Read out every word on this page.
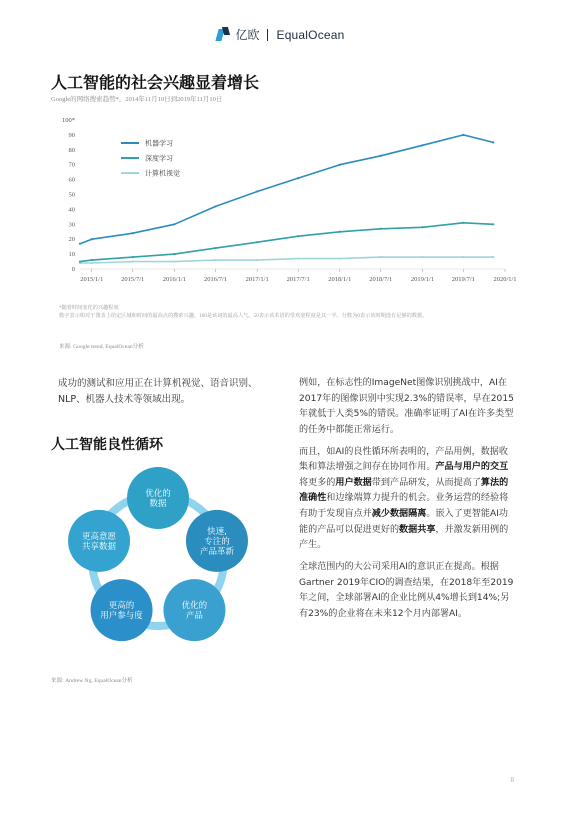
亿欧 EqualOcean
人工智能的社会兴趣显着增长
Google的网络搜索趋势*，2014年11月10日到2019年11月10日
0
10
20
30
40
50
60
70
80
90
100*
2015/1/1	2015/7/1	2016/1/1	2016/7/1	2017/1/1	2017/7/1	2018/1/1	2018/7/1	2019/1/1	2019/7/1	2020/1/1
机器学习
深度学习
计算机视觉
*随着时间变化的兴趣程度
数字表示相对于图表上给定区域和时间的最高点的搜索兴趣。100是该词的最高人气。50表示该术语的受欢迎程度是其一半。分数为0表示该时期没有足够的数据。
来源: Google trend, EqualOcean分析
成功的测试和应用正在计算机视觉、语音识别、NLP、机器人技术等领域出现。
人工智能良性循环
优化的
数据
快速,
专注的
产品革新
优化的
产品
更高的
用户参与度
更高意愿
共享数据
来源: Andrew Ng, EqualOcean分析

例如，在标志性的ImageNet图像识别挑战中，AI在2017年的图像识别中实现2.3%的错误率，早在2015年就低于人类5%的错误。准确率证明了AI在许多类型的任务中都能正常运行。

而且，如AI的良性循环所表明的，产品用例，数据收集和算法增强之间存在协同作用。产品与用户的交互将更多的用户数据带到产品研发，从而提高了算法的准确性和边缘端算力提升的机会。业务运营的经验将有助于发现盲点并减少数据隔离。嵌入了更智能AI功能的产品可以促进更好的数据共享，并激发新用例的产生。

全球范围内的大公司采用AI的意识正在提高。根据Gartner 2019年CIO的调查结果，在2018年至2019年之间，全球部署AI的企业比例从4%增长到14%;另有23%的企业将在未来12个月内部署AI。

8
